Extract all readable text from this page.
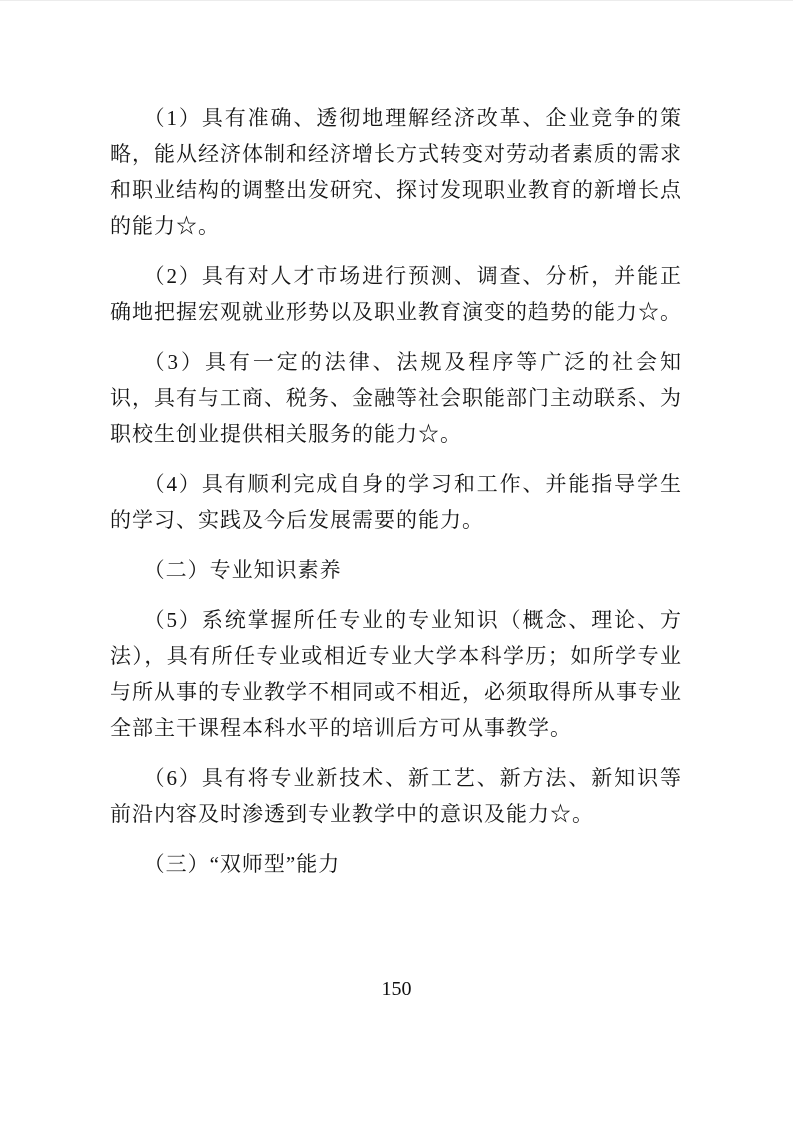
（1）具有准确、透彻地理解经济改革、企业竞争的策略，能从经济体制和经济增长方式转变对劳动者素质的需求和职业结构的调整出发研究、探讨发现职业教育的新增长点的能力☆。

（2）具有对人才市场进行预测、调查、分析，并能正确地把握宏观就业形势以及职业教育演变的趋势的能力☆。

（3）具有一定的法律、法规及程序等广泛的社会知识，具有与工商、税务、金融等社会职能部门主动联系、为职校生创业提供相关服务的能力☆。

（4）具有顺利完成自身的学习和工作、并能指导学生的学习、实践及今后发展需要的能力。

（二）专业知识素养

（5）系统掌握所任专业的专业知识（概念、理论、方法），具有所任专业或相近专业大学本科学历；如所学专业与所从事的专业教学不相同或不相近，必须取得所从事专业全部主干课程本科水平的培训后方可从事教学。

（6）具有将专业新技术、新工艺、新方法、新知识等前沿内容及时渗透到专业教学中的意识及能力☆。

（三）“双师型”能力

150
